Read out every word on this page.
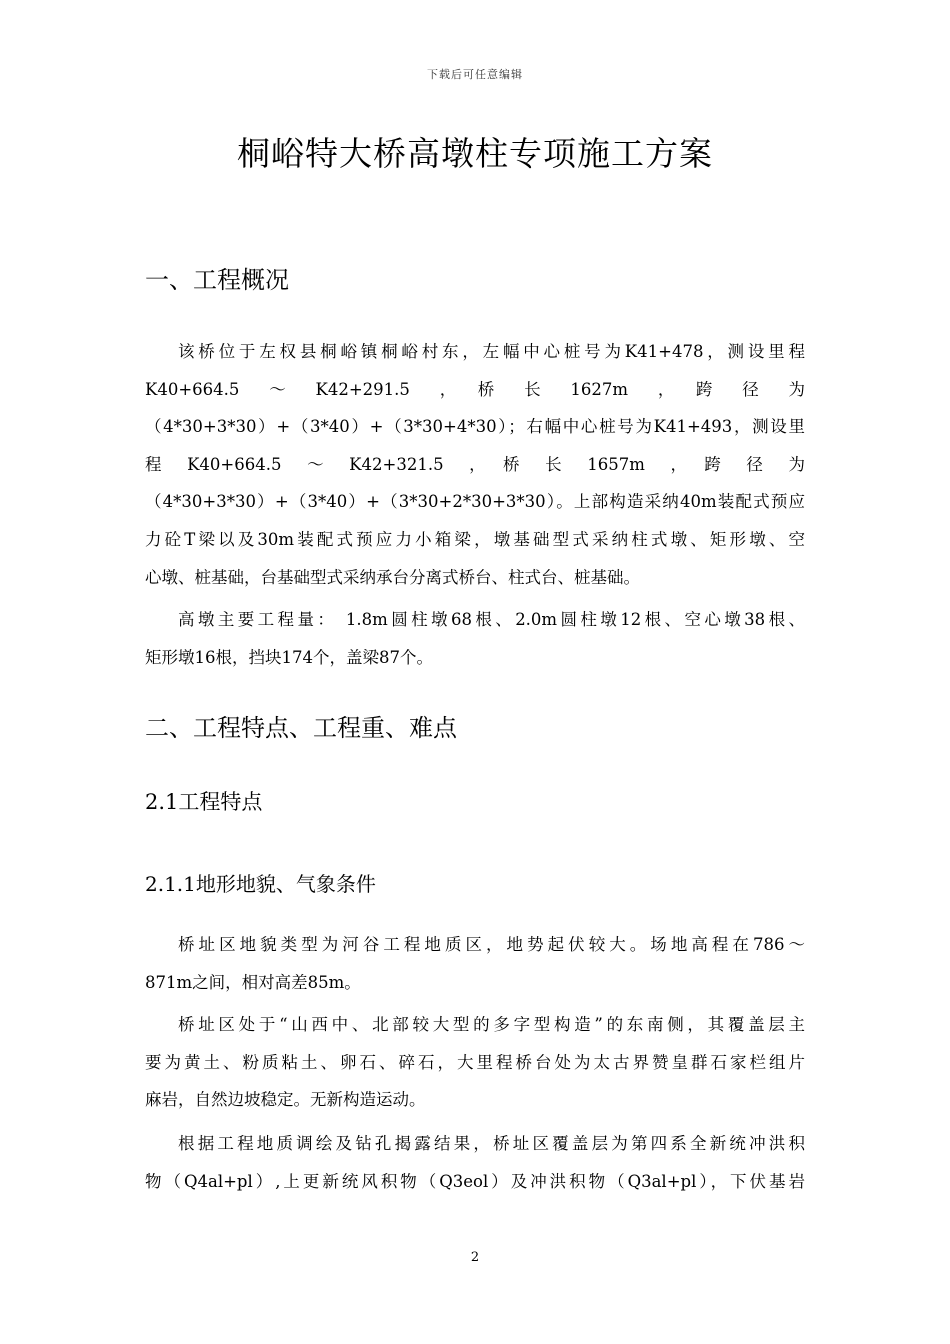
下载后可任意编辑
桐峪特大桥高墩柱专项施工方案
一、工程概况

该桥位于左权县桐峪镇桐峪村东，左幅中心桩号为K41+478，测设里程
K40+664.5　～　K42+291.5　，　桥　长　1627m　，　跨　径　为
（4*30+3*30）+（3*40）+（3*30+4*30）；右幅中心桩号为K41+493，测设里
程　K40+664.5　～　K42+321.5　，　桥　长　1657m　，　跨　径　为
（4*30+3*30）+（3*40）+（3*30+2*30+3*30）。上部构造采纳40m装配式预应
力砼T梁以及30m装配式预应力小箱梁，墩基础型式采纳柱式墩、矩形墩、空
心墩、桩基础，台基础型式采纳承台分离式桥台、柱式台、桩基础。

高墩主要工程量： 1.8m圆柱墩68根、2.0m圆柱墩12根、空心墩38根、
矩形墩16根，挡块174个，盖梁87个。

二、工程特点、工程重、难点
2.1工程特点
2.1.1地形地貌、气象条件

桥址区地貌类型为河谷工程地质区，地势起伏较大。场地高程在786～
871m之间，相对高差85m。

桥址区处于“山西中、北部较大型的多字型构造”的东南侧，其覆盖层主
要为黄土、粉质粘土、卵石、碎石，大里程桥台处为太古界赞皇群石家栏组片
麻岩，自然边坡稳定。无新构造运动。

根据工程地质调绘及钻孔揭露结果，桥址区覆盖层为第四系全新统冲洪积
物（Q4al+pl）,上更新统风积物（Q3eol）及冲洪积物（Q3al+pl），下伏基岩

2
